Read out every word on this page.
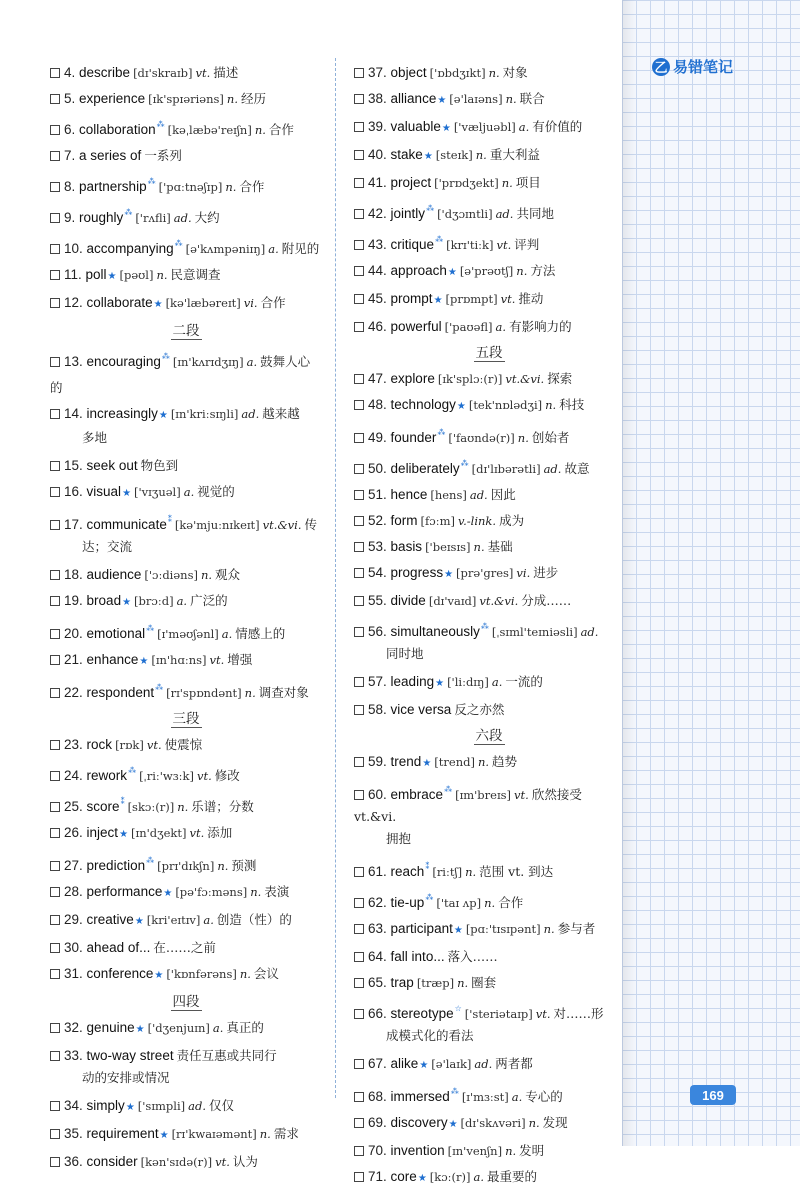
乙 易错笔记
4. describe [dɪ'skraɪb] vt. 描述
5. experience [ɪk'spɪəriəns] n. 经历
6. collaboration⁂ [kəˌlæbə'reɪʃn] n. 合作
7. a series of 一系列
8. partnership⁂ ['pɑːtnəʃɪp] n. 合作
9. roughly⁂ ['rʌfli] ad. 大约
10. accompanying⁂ [ə'kʌmpəniɪŋ] a. 附见的
11. poll★ [pəʊl] n. 民意调查
12. collaborate★ [kə'læbəreɪt] vi. 合作
二段
13. encouraging⁂ [ɪn'kʌrɪdʒɪŋ] a. 鼓舞人心的
14. increasingly★ [ɪn'kriːsɪŋli] ad. 越来越
多地
15. seek out 物色到
16. visual★ ['vɪʒuəl] a. 视觉的
17. communicate⁑ [kə'mjuːnɪkeɪt] vt.&vi. 传
达；交流
18. audience ['ɔːdiəns] n. 观众
19. broad★ [brɔːd] a. 广泛的
20. emotional⁂ [ɪ'məʊʃənl] a. 情感上的
21. enhance★ [ɪn'hɑːns] vt. 增强
22. respondent⁂ [rɪ'spɒndənt] n. 调查对象
三段
23. rock [rɒk] vt. 使震惊
24. rework⁂ [ˌriː'wɜːk] vt. 修改
25. score⁑ [skɔː(r)] n. 乐谱；分数
26. inject★ [ɪn'dʒekt] vt. 添加
27. prediction⁂ [prɪ'dɪkʃn] n. 预测
28. performance★ [pə'fɔːməns] n. 表演
29. creative★ [kri'eɪtɪv] a. 创造（性）的
30. ahead of... 在……之前
31. conference★ ['kɒnfərəns] n. 会议
四段
32. genuine★ ['dʒenjuɪn] a. 真正的
33. two-way street 责任互惠或共同行
动的安排或情况
34. simply★ ['sɪmpli] ad. 仅仅
35. requirement★ [rɪ'kwaɪəmənt] n. 需求
36. consider [kən'sɪdə(r)] vt. 认为
37. object ['ɒbdʒɪkt] n. 对象
38. alliance★ [ə'laɪəns] n. 联合
39. valuable★ ['væljuəbl] a. 有价值的
40. stake★ [steɪk] n. 重大利益
41. project ['prɒdʒekt] n. 项目
42. jointly⁂ ['dʒɔɪntli] ad. 共同地
43. critique⁂ [krɪ'tiːk] vt. 评判
44. approach★ [ə'prəʊtʃ] n. 方法
45. prompt★ [prɒmpt] vt. 推动
46. powerful ['paʊəfl] a. 有影响力的
五段
47. explore [ɪk'splɔː(r)] vt.&vi. 探索
48. technology★ [tek'nɒlədʒi] n. 科技
49. founder⁂ ['faʊndə(r)] n. 创始者
50. deliberately⁂ [dɪ'lɪbərətli] ad. 故意
51. hence [hens] ad. 因此
52. form [fɔːm] v.-link. 成为
53. basis ['beɪsɪs] n. 基础
54. progress★ [prə'gres] vi. 进步
55. divide [dɪ'vaɪd] vt.&vi. 分成……
56. simultaneously⁂ [ˌsɪml'teɪniəsli] ad.
同时地
57. leading★ ['liːdɪŋ] a. 一流的
58. vice versa 反之亦然
六段
59. trend★ [trend] n. 趋势
60. embrace⁂ [ɪm'breɪs] vt. 欣然接受 vt.&vi.
拥抱
61. reach⁑ [riːtʃ] n. 范围 vt. 到达
62. tie-up⁂ ['taɪ ʌp] n. 合作
63. participant★ [pɑː'tɪsɪpənt] n. 参与者
64. fall into... 落入……
65. trap [træp] n. 圈套
66. stereotype☆ ['steriətaɪp] vt. 对……形
成模式化的看法
67. alike★ [ə'laɪk] ad. 两者都
68. immersed⁂ [ɪ'mɜːst] a. 专心的
69. discovery★ [dɪ'skʌvəri] n. 发现
70. invention [ɪn'venʃn] n. 发明
71. core★ [kɔː(r)] a. 最重要的
169
